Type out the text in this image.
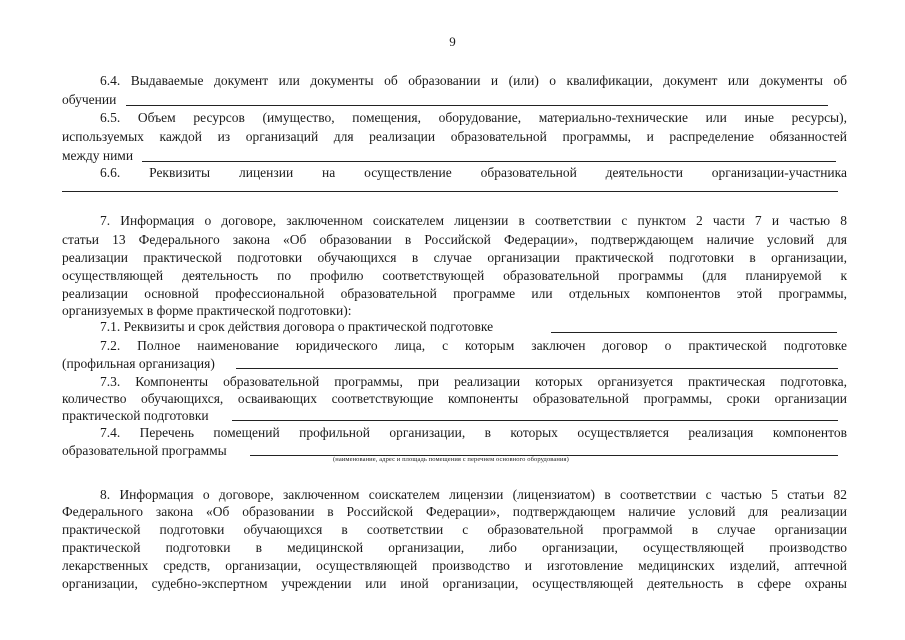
9
6.4. Выдаваемые документ или документы об образовании и (или) о квалификации, документ или документы об
обучении
6.5. Объем ресурсов (имущество, помещения, оборудование, материально-технические или иные ресурсы),
используемых каждой из организаций для реализации образовательной программы, и распределение обязанностей
между ними
6.6. Реквизиты лицензии на осуществление образовательной деятельности организации-участника
7. Информация о договоре, заключенном соискателем лицензии в соответствии с пунктом 2 части 7 и частью 8
статьи 13 Федерального закона «Об образовании в Российской Федерации», подтверждающем наличие условий для
реализации практической подготовки обучающихся в случае организации практической подготовки в организации,
осуществляющей деятельность по профилю соответствующей образовательной программы (для планируемой к
реализации основной профессиональной образовательной программе или отдельных компонентов этой программы,
организуемых в форме практической подготовки):
7.1. Реквизиты и срок действия договора о практической подготовке
7.2. Полное наименование юридического лица, с которым заключен договор о практической подготовке
(профильная организация)
7.3. Компоненты образовательной программы, при реализации которых организуется практическая подготовка,
количество обучающихся, осваивающих соответствующие компоненты образовательной программы, сроки организации
практической подготовки
7.4. Перечень помещений профильной организации, в которых осуществляется реализация компонентов
образовательной программы
(наименование, адрес и площадь помещения с перечнем основного оборудования)
8. Информация о договоре, заключенном соискателем лицензии (лицензиатом) в соответствии с частью 5 статьи 82
Федерального закона «Об образовании в Российской Федерации», подтверждающем наличие условий для реализации
практической подготовки обучающихся в соответствии с образовательной программой в случае организации
практической подготовки в медицинской организации, либо организации, осуществляющей производство
лекарственных средств, организации, осуществляющей производство и изготовление медицинских изделий, аптечной
организации, судебно-экспертном учреждении или иной организации, осуществляющей деятельность в сфере охраны
